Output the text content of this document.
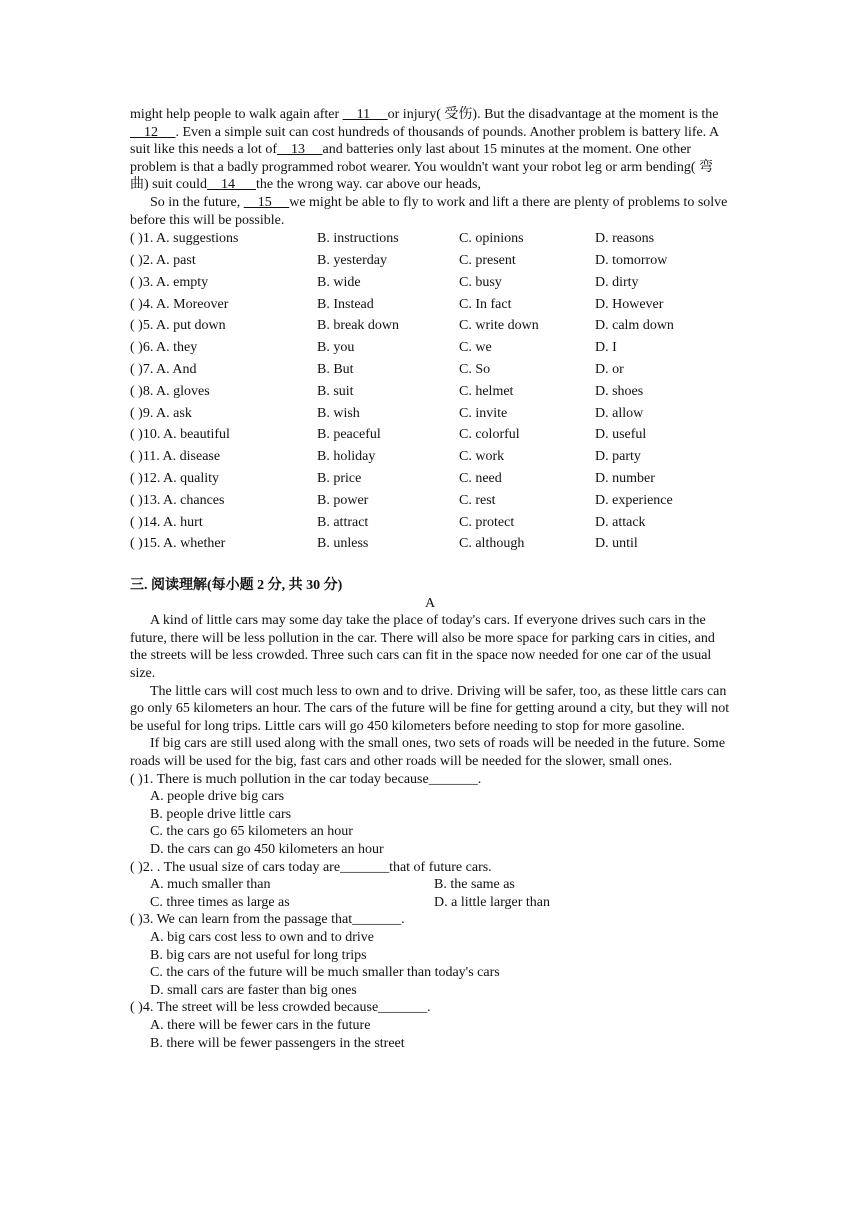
might help people to walk again after     11     or injury( 受伤). But the disadvantage at the moment is the     12     . Even a simple suit can cost hundreds of thousands of pounds. Another problem is battery life. A suit like this needs a lot of    13     and batteries only last about 15 minutes at the moment. One other problem is that a badly programmed robot wearer. You wouldn't want your robot leg or arm bending( 弯曲) suit could    14      the the wrong way. car above our heads,

So in the future,     15     we might be able to fly to work and lift a there are plenty of problems to solve before this will be possible.

( )1. A. suggestions	B. instructions	C. opinions	D. reasons
( )2. A. past	B. yesterday	C. present	D. tomorrow
( )3. A. empty	B. wide	C. busy	D. dirty
( )4. A. Moreover	B. Instead	C. In fact	D. However
( )5. A. put down	B. break down	C. write down	D. calm down
( )6. A. they	B. you	C. we	D. I
( )7. A. And	B. But	C. So	D. or
( )8. A. gloves	B. suit	C. helmet	D. shoes
( )9. A. ask	B. wish	C. invite	D. allow
( )10. A. beautiful	B. peaceful	C. colorful	D. useful
( )11. A. disease	B. holiday	C. work	D. party
( )12. A. quality	B. price	C. need	D. number
( )13. A. chances	B. power	C. rest	D. experience
( )14. A. hurt	B. attract	C. protect	D. attack
( )15. A. whether	B. unless	C. although	D. until

三. 阅读理解(每小题 2 分, 共 30 分)

A

A kind of little cars may some day take the place of today's cars. If everyone drives such cars in the future, there will be less pollution in the car. There will also be more space for parking cars in cities, and the streets will be less crowded. Three such cars can fit in the space now needed for one car of the usual size.

The little cars will cost much less to own and to drive. Driving will be safer, too, as these little cars can go only 65 kilometers an hour. The cars of the future will be fine for getting around a city, but they will not be useful for long trips. Little cars will go 450 kilometers before needing to stop for more gasoline.

If big cars are still used along with the small ones, two sets of roads will be needed in the future. Some roads will be used for the big, fast cars and other roads will be needed for the slower, small ones.

( )1. There is much pollution in the car today because_______.

A. people drive big cars

B. people drive little cars

C. the cars go 65 kilometers an hour

D. the cars can go 450 kilometers an hour

( )2. . The usual size of cars today are_______that of future cars.

A. much smaller than	B. the same as
C. three times as large as	D. a little larger than

( )3. We can learn from the passage that_______.

A. big cars cost less to own and to drive

B. big cars are not useful for long trips

C. the cars of the future will be much smaller than today's cars

D. small cars are faster than big ones

( )4. The street will be less crowded because_______.

A. there will be fewer cars in the future

B. there will be fewer passengers in the street
